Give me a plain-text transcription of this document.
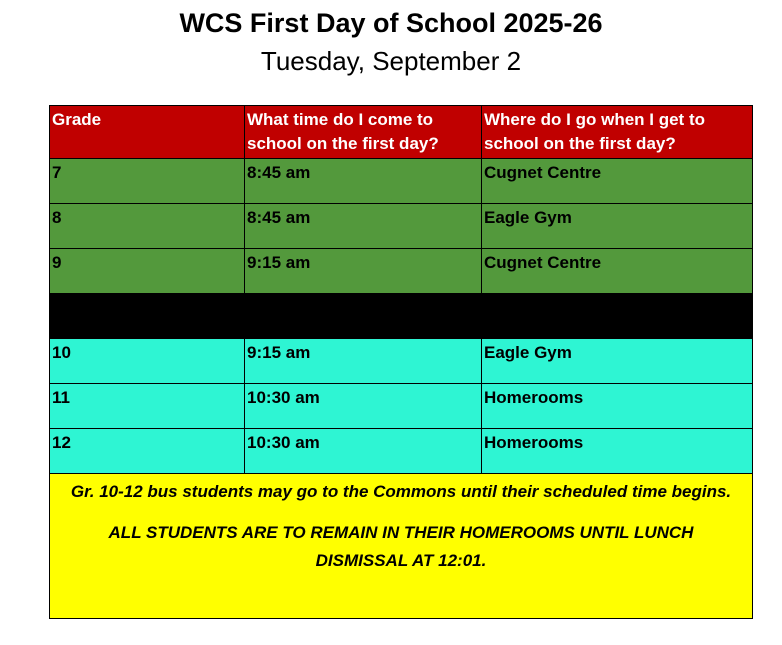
WCS First Day of School 2025-26
Tuesday, September 2
Grade	What time do I come to school on the first day?	Where do I go when I get to school on the first day?
7	8:45 am	Cugnet Centre
8	8:45 am	Eagle Gym
9	9:15 am	Cugnet Centre

10	9:15 am	Eagle Gym
11	10:30 am	Homerooms
12	10:30 am	Homerooms

Gr. 10-12 bus students may go to the Commons until their scheduled time begins.

ALL STUDENTS ARE TO REMAIN IN THEIR HOMEROOMS UNTIL LUNCH DISMISSAL AT 12:01.		
